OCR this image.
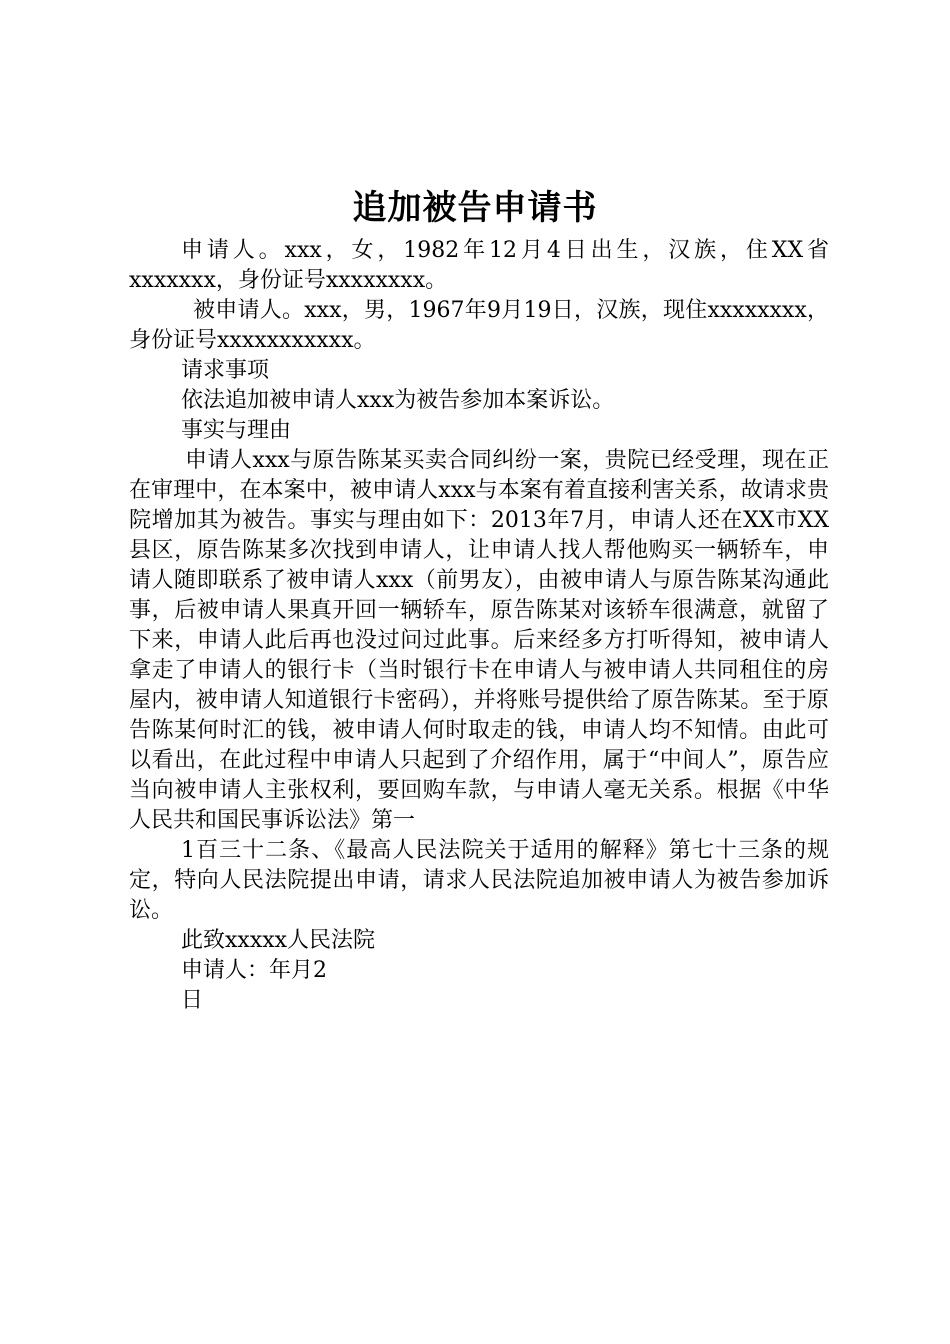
追加被告申请书

申请人。xxx，女，1982年12月4日出生，汉族，住XX省xxxxxxx，身份证号xxxxxxxx。

被申请人。xxx，男，1967年9月19日，汉族，现住xxxxxxxx，身份证号xxxxxxxxxxx。

请求事项

依法追加被申请人xxx为被告参加本案诉讼。

事实与理由

申请人xxx与原告陈某买卖合同纠纷一案，贵院已经受理，现在正在审理中，在本案中，被申请人xxx与本案有着直接利害关系，故请求贵院增加其为被告。事实与理由如下：2013年7月，申请人还在XX市XX县区，原告陈某多次找到申请人，让申请人找人帮他购买一辆轿车，申请人随即联系了被申请人xxx（前男友），由被申请人与原告陈某沟通此事，后被申请人果真开回一辆轿车，原告陈某对该轿车很满意，就留了下来，申请人此后再也没过问过此事。后来经多方打听得知，被申请人拿走了申请人的银行卡（当时银行卡在申请人与被申请人共同租住的房屋内，被申请人知道银行卡密码），并将账号提供给了原告陈某。至于原告陈某何时汇的钱，被申请人何时取走的钱，申请人均不知情。由此可以看出，在此过程中申请人只起到了介绍作用，属于“中间人”，原告应当向被申请人主张权利，要回购车款，与申请人毫无关系。根据《中华人民共和国民事诉讼法》第一

1百三十二条、《最高人民法院关于适用的解释》第七十三条的规定，特向人民法院提出申请，请求人民法院追加被申请人为被告参加诉讼。

此致xxxxx人民法院

申请人：年月2

日
